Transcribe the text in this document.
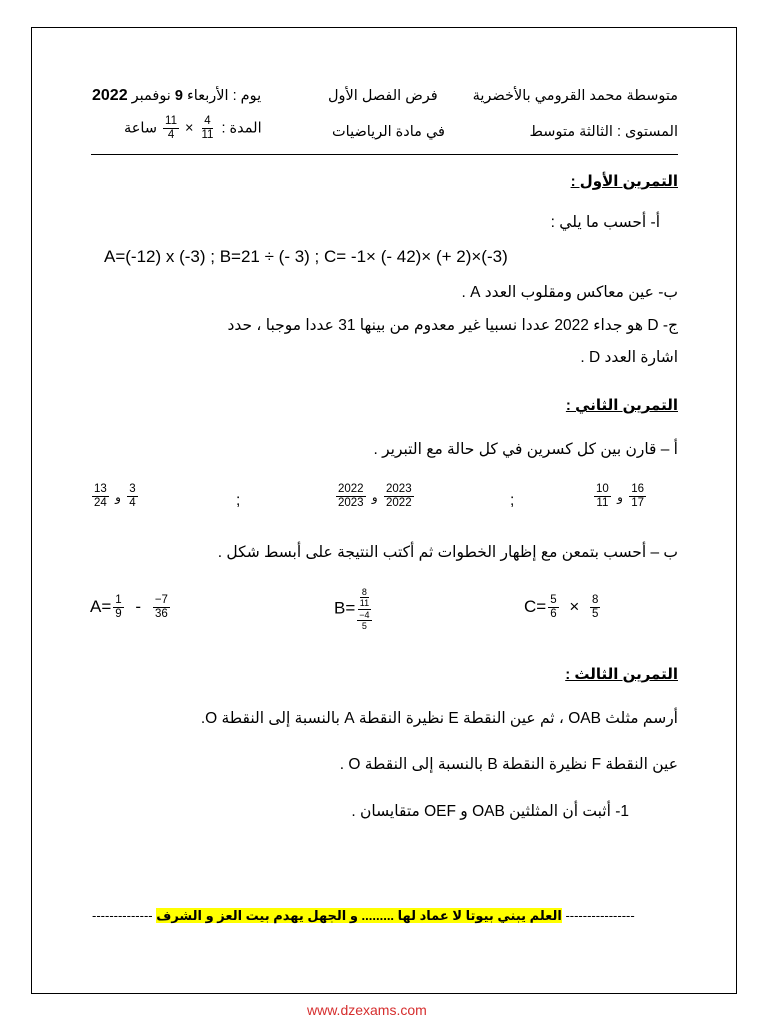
متوسطة محمد القرومي بالأخضرية
فرض الفصل الأول
يوم : الأربعاء 9 نوفمبر 2022
المستوى : الثالثة متوسط
في مادة الرياضيات
المدة :
$\frac{4}{11}$
×
$\frac{11}{4}$
ساعة
التمرين الأول :
أ- أحسب ما يلي :
A=(-12) x (-3) ; B=21 ÷ (- 3) ; C= -1× (- 42)× (+ 2)×(-3)
ب- عين معاكس ومقلوب العدد A .
ج- D هو جداء 2022 عددا نسبيا غير معدوم من بينها 31 عددا موجبا ، حدد
اشارة العدد D .
التمرين الثاني :
أ – قارن بين كل كسرين في كل حالة مع التبرير .
$\frac{16}{17}$
و
$\frac{10}{11}$
;
$\frac{2023}{2022}$
و
$\frac{2022}{2023}$
;
$\frac{3}{4}$
و
$\frac{13}{24}$
ب – أحسب بتمعن مع إظهار الخطوات ثم أكتب النتيجة على أبسط شكل .
$A= \frac{1}{9} - \frac{-7}{36}$	$B= \frac{\frac{8}{11}}{\frac{-4}{5}}$	$C= \frac{5}{6} \times \frac{8}{5}$
التمرين الثالث :
أرسم مثلث OAB ، ثم عين النقطة E نظيرة النقطة A بالنسبة إلى النقطة O.
عين النقطة F نظيرة النقطة B بالنسبة إلى النقطة O .
1- أثبت أن المثلثين OAB و OEF متقايسان .
---------------- العلم يبني بيوتا لا عماد لها ......... و الجهل يهدم بيت العز و الشرف --------------
www.dzexams.com
